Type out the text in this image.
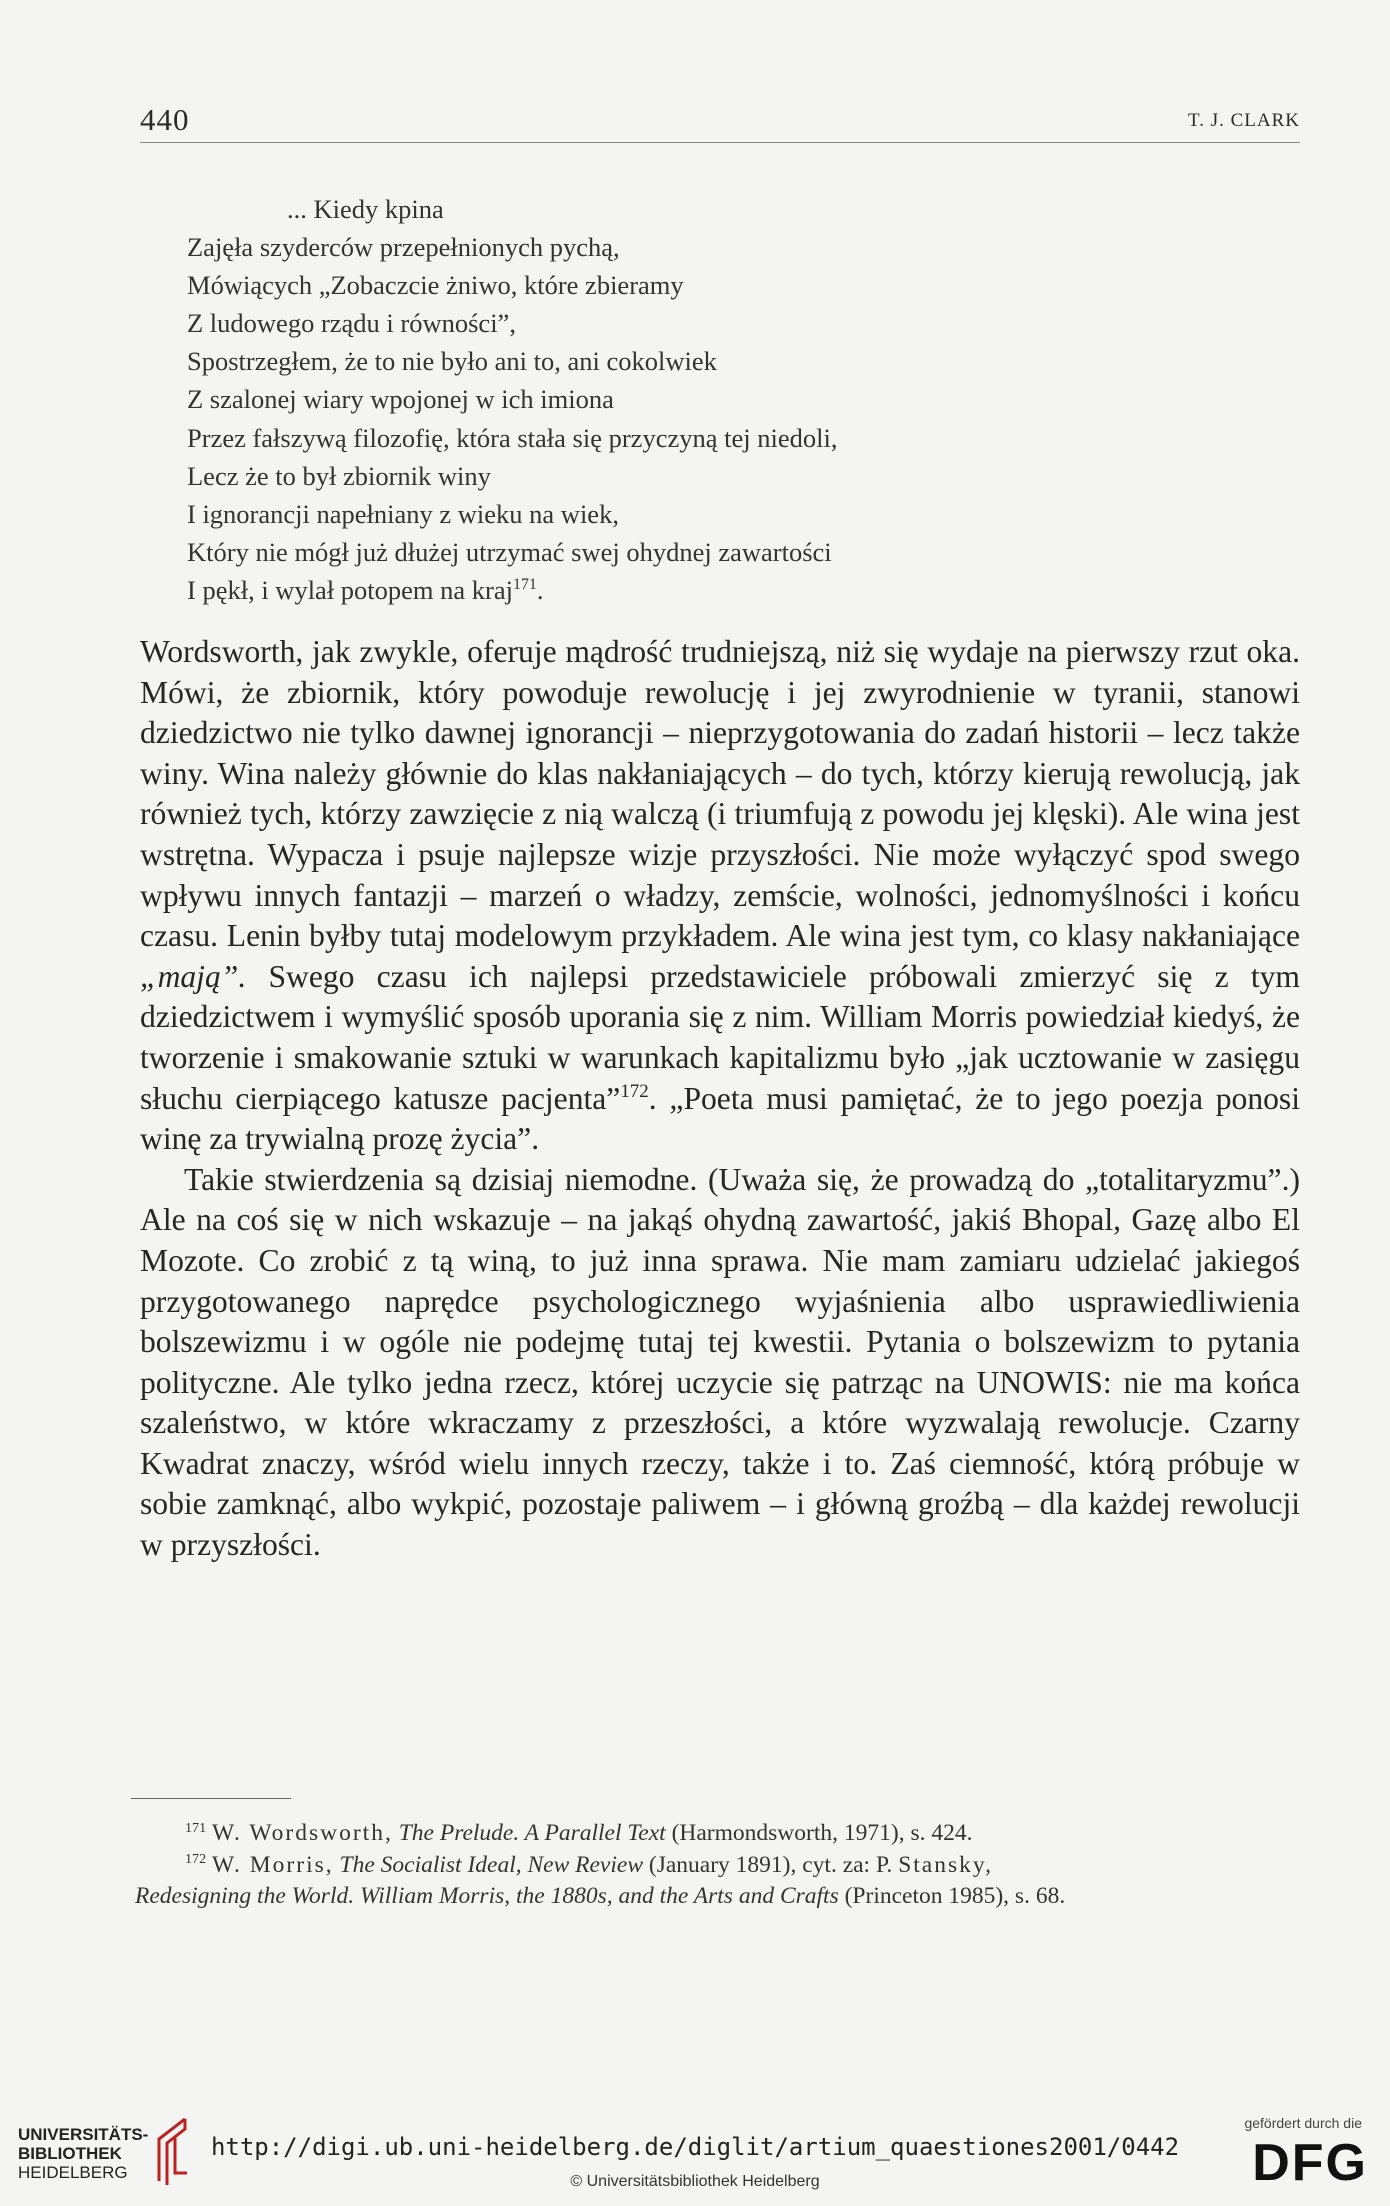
440	T. J. CLARK
... Kiedy kpina
Zajęła szyderców przepełnionych pychą,
Mówiących „Zobaczcie żniwo, które zbieramy
Z ludowego rządu i równości”,
Spostrzegłem, że to nie było ani to, ani cokolwiek
Z szalonej wiary wpojonej w ich imiona
Przez fałszywą filozofię, która stała się przyczyną tej niedoli,
Lecz że to był zbiornik winy
I ignorancji napełniany z wieku na wiek,
Który nie mógł już dłużej utrzymać swej ohydnej zawartości
I pękł, i wylał potopem na kraj$^{171}$.

Wordsworth, jak zwykle, oferuje mądrość trudniejszą, niż się wydaje na pierwszy rzut oka. Mówi, że zbiornik, który powoduje rewolucję i jej zwyrodnienie w tyranii, stanowi dziedzictwo nie tylko dawnej ignorancji – nieprzygotowania do zadań historii – lecz także winy. Wina należy głównie do klas nakłaniających – do tych, którzy kierują rewolucją, jak również tych, którzy zawzięcie z nią walczą (i triumfują z powodu jej klęski). Ale wina jest wstrętna. Wypacza i psuje najlepsze wizje przyszłości. Nie może wyłączyć spod swego wpływu innych fantazji – marzeń o władzy, zemście, wolności, jednomyślności i końcu czasu. Lenin byłby tutaj modelowym przykładem. Ale wina jest tym, co klasy nakłaniające „mają”. Swego czasu ich najlepsi przedstawiciele próbowali zmierzyć się z tym dziedzictwem i wymyślić sposób uporania się z nim. William Morris powiedział kiedyś, że tworzenie i smakowanie sztuki w warunkach kapitalizmu było „jak ucztowanie w zasięgu słuchu cierpiącego katusze pacjenta”$^{172}$. „Poeta musi pamiętać, że to jego poezja ponosi winę za trywialną prozę życia”.

Takie stwierdzenia są dzisiaj niemodne. (Uważa się, że prowadzą do „totalitaryzmu”.) Ale na coś się w nich wskazuje – na jakąś ohydną zawartość, jakiś Bhopal, Gazę albo El Mozote. Co zrobić z tą winą, to już inna sprawa. Nie mam zamiaru udzielać jakiegoś przygotowanego naprędce psychologicznego wyjaśnienia albo usprawiedliwienia bolszewizmu i w ogóle nie podejmę tutaj tej kwestii. Pytania o bolszewizm to pytania polityczne. Ale tylko jedna rzecz, której uczycie się patrząc na UNOWIS: nie ma końca szaleństwo, w które wkraczamy z przeszłości, a które wyzwalają rewolucje. Czarny Kwadrat znaczy, wśród wielu innych rzeczy, także i to. Zaś ciemność, którą próbuje w sobie zamknąć, albo wykpić, pozostaje paliwem – i główną groźbą – dla każdej rewolucji w przyszłości.

$^{171}$ W. Wordsworth, The Prelude. A Parallel Text (Harmondsworth, 1971), s. 424.

$^{172}$ W. Morris, The Socialist Ideal, New Review (January 1891), cyt. za: P. Stansky,
Redesigning the World. William Morris, the 1880s, and the Arts and Crafts (Princeton 1985), s. 68.

UNIVERSITÄTS-
BIBLIOTHEK
HEIDELBERG
http://digi.ub.uni-heidelberg.de/diglit/artium_quaestiones2001/0442
© Universitätsbibliothek Heidelberg
gefördert durch die
DFG
